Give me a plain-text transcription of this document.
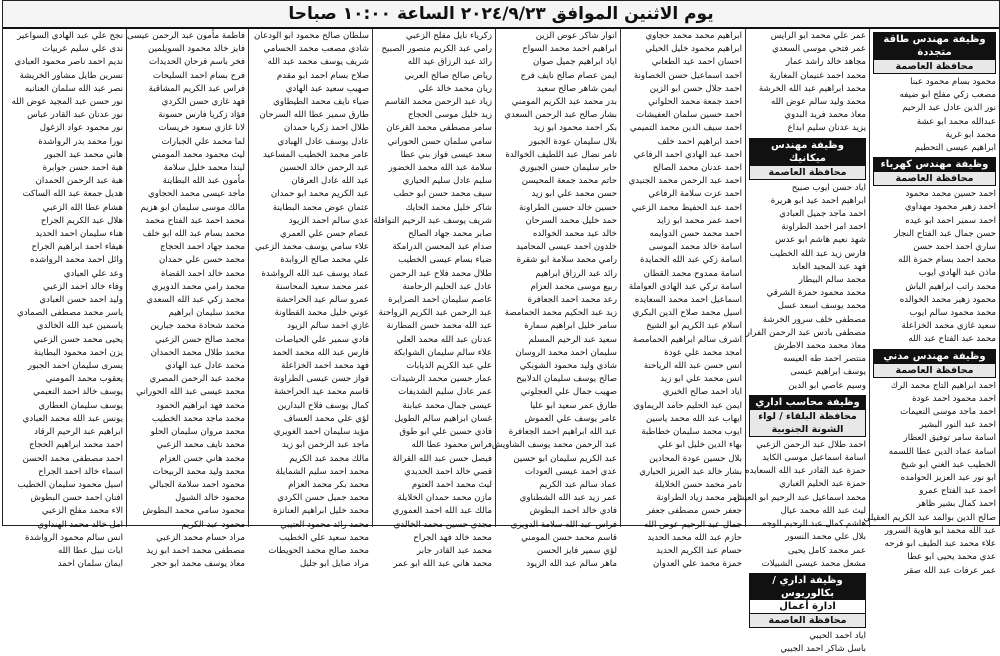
يوم الاثنين الموافق ٢٠٢٤/٩/٢٣ الساعة ١٠:٠٠ صباحا
وظيفة مهندس طاقة متجددة
محافظة العاصمة
محمود بسام محمود عبنا
مصعب زكي مفلح ابو ضيفه
نور الدين عادل عبد الرحيم
عبدالله محمد ابو عشة
محمد ابو غرية
ابراهيم عيسى التحطيم
وظيفة مهندس كهرباء
محافظة العاصمة
احمد حسين محمد محمود
احمد زهير محمود مهداوي
احمد سمير احمد ابو عيده
حسن جمال عبد الفتاح النجار
ساري احمد احمد حسن
محمد احمد بسام حمزة الله
ماذن عبد الهادي ايوب
محمد راتب ابراهيم الباش
محمود زهير محمد الخوالده
محمد محمود سالم ايوب
سعيد غازي محمد الخزاعلة
محمد عبد الفتاح عبد الله
وظيفة مهندس مدني
محافظة العاصمة
احمد ابراهيم التاج محمد الرك
احمد محمود احمد عودة
احمد ماجد موسى النعيمات
احمد عبد النور البشير
اسامة سامر توفيق العطار
اسامة عماد الدين عطا اللسمه
الخطيب عبد الغني ابو شيخ
ابو نور عبد العزيز الحوامده
احمد عبد الفتاح عمرو
احمد كمال بشير ظاهر
صالح الدين بوالمد عبد الكريم العقيلي
عبد الله محمد ابو هاوية السرور
علاء محمد عبد الطيف ابو فرحه
عدي محمد يحيى ابو عطا
عمر عرفات عبد الله صقر
عمر علي محمد ابو الرايس
عمر فتحي موسى السعدي
مجاهد خالد راشد عمار
محمد احمد غنيمان المغارية
محمد ابراهيم عبد الله الخرشة
محمد وليد سالم عوض الله
معاذ محمد فريد البدوي
يزيد عدنان سليم ابداع
وظيفة مهندس ميكانيك
محافظة العاصمة
اياد حسن ايوب صبيح
ابراهيم احمد عيد ابو هريرة
احمد ماجد جميل العبادي
احمد امر احمد الطراونة
شهد نعيم هاشم ابو عدس
فارس زيد عبد الله الخطيب
فهد عبد المجيد العابد
محمد سالم البيطار
محمد محمود حمزة الشرقي
محمد يوسف اسعد عسل
مصطفى خلف سرور الخرشة
مصطفى بادس عبد الرحمن الفرار
معاذ محمد محمد الاطرش
منتصر احمد طه العيسه
يوسف ابراهيم عيسى
وسيم عاصي ابو الدين
وظيفة محاسب اداري
محافظة البلقاء / لواء الشونة الجنوبية
احمد طلال عبد الرحمن الزعبي
اسامة اسماعيل موسى الكايد
حمزة عبد القادر عبد الله السعايده
حمزة عبد الحليم الغباري
محمد اسماعيل عبد الرحيم ابو العيش
ليث عبد الله محمد عيال
هاشم كمال عبد الرحيم الوجه
بلال علي محمد النسور
عمر محمد كامل يحيى
مشعل محمد عيسى الشبيلات
وظيفة اداري /بكالوريوس
ادارة أعمال
محافظة العاصمة
اياد احمد الحيبي
باسل شاكر احمد الجيبي
ابراهيم محمد محمد حجاوي
ابراهيم محمود خليل الحيلي
احسان احمد عيد الطعاني
احمد اسماعيل حسن الخصاونة
احمد جلال حسن ابو الزين
احمد جمعة محمد الحلواني
احمد حسين سلمان العفيشات
احمد سيف الدين محمد التميمي
احمد ابراهيم احمد خلف
احمد عبد الهادي احمد الرفاعي
احمد عدنان محمد الصالح
احمد عبد الرحمن محمد الجنيدي
احمد عزت سلامة الرفاعي
احمد عبد الحفيظ محمد الزعبي
احمد عمر محمد ابو زايد
احمد محمد حسن الدوايمه
اسامة خالد محمد الموسى
اسامة زكي عبد الله الحمايدة
اسامة ممدوح محمد القطان
اسامة تركي عبد الهادي العواملة
اسماعيل احمد محمد السعايده
اسيل محمد صلاح الدين البكري
اسلام عبد الكريم ابو الشيخ
اشرف سالم ابراهيم الحمامصة
امجد محمد علي عودة
انس حسن عبد الله الرياحنة
انس محمد علي ابو زيد
اياد احمد صالح الخيري
ايمن عبد الحليم حامد الريماوي
ايهاب عبد الله محمد ياسين
ايوب محمد سليمان خطاطبة
بهاء الدين خليل ابو علي
بلال حسين عودة المحادين
بشار خالد عبد العزيز الحياري
تامر محمد حسن الخلايلة
ثامر محمد زياد الطراونة
جعفر حسن مصطفى جعفر
جمال عبد الرحيم عوض الله
حازم عبد الله محمد الحديد
حسام عبد الكريم الحديد
حمزة محمد علي العدوان
انوار شاكر عوض الزين
ابراهيم احمد محمد السواح
اياد ابراهيم جميل صوان
ايمن عصام صالح نايف فرج
ايمن شاهر صالح سعيد
بدر محمد عبد الكريم المومني
بشار صالح عبد الرحمن السعدي
بكر احمد محمود ابو زيد
بلال سليمان عودة الجبور
تامر نضال عبد اللطيف الخوالدة
حابر سليمان حسن الجبوري
حاتم محمد جمعة المحيسن
حسن محمد علي ابو زيد
حسين خالد حسين الطراونة
حمد خليل محمد السرحان
خالد عيد محمد الخوالده
خلدون احمد عيسى المحاميد
رامي محمد سلامة ابو شقرة
رائد عبد الرزاق ابراهيم
ربيع موسى محمد العزام
رعد محمد احمد الجعافرة
زيد عبد الحكيم محمد الحمامصة
سامر خليل ابراهيم سمارة
سعيد عبد الرحيم المسلم
سليمان احمد محمد الروسان
شادي وليد محمود الشوبكي
صالح يوسف سليمان الدلابيح
صهيب جمال علي العجلوني
طارق عمر سعيد ابو عليا
عامر يوسف علي العموش
عبد الله ابراهيم احمد الجعافرة
عبد الرحمن محمد يوسف الشاويش
عبد الكريم سليمان ابو حسين
عدي احمد عيسى العودات
عماد سالم عبد الكريم
عمر زيد عبد الله الشطناوي
فادي خالد احمد البطوش
فراس عبد الله سلامة الدويري
قاسم محمد حسن المومني
لؤي سمير فايز الحسن
ماهر سالم عبد الله الزيود
زكرياء نايل مفلح الزعبي
رامي عبد الكريم منصور الصبيح
رائد عبد الرزاق عيد الله
رياض صالح صالح العربي
ريان محمد خالد علي
زياد عبد الرحمن محمد القاسم
زيد خليل موسى الحجاج
سامر مصطفى محمد القرعان
سامي سلمان حسن الحوراني
سعد عيسى فواز بني عطا
سلامة عبد الله محمد الخضور
سليم عادل سليم الحياري
سيف محمد حسن ابو حطب
شاكر خليل محمد الحايك
شريف يوسف عبد الرحيم النوافلة
صابر محمد جهاد الصالح
صدام عبد المحسن الدرامكة
ضياء بسام عيسى الخطيب
طلال محمد فلاح عبد الرحمن
عادل عبد الحليم الرحامنة
عاصم سليمان احمد الصرايرة
عبد الرحمن عبد الكريم الرواحنة
عبد الله محمد حسن المطارنة
عدنان عبد الله محمد العلي
علاء سالم سليمان الشوابكة
علي عبد الكريم الذيابات
عمار حسين محمد الرشيدات
عمر عادل سليم الشديفات
عيسى جمال محمد عبابنة
غسان ابراهيم سالم الطويل
فادي حسين علي ابو طوق
فراس محمود عطا الله
فيصل حسن عبد الله القرالة
قصي خالد احمد الحديدي
ليث محمد احمد العتوم
مازن محمد حمدان الخلايلة
مالك عبد الله احمد العموري
مجدي حسين محمد الخالدي
محمد خالد فهد الجراح
محمد عبد القادر جابر
محمد هاني عبد الله ابو عمر
سلطان صالح محمود ابو الودعان
شادي مصعب محمد الحسامي
شريف يوسف محمد عبد الله
صلاح بسام احمد ابو مقدم
صهيب سعيد عبد الهادي
ضياء نايف محمد الطيطاوي
طارق سمير عطا الله السرحان
طلال احمد زكريا حمدان
عادل يوسف عادل الهبادي
عامر محمد الخطيب المساعيد
عبد الرحمن خالد الحسين
عبد الله عادل العرقان
عبد الكريم محمد ابو حمدان
عثمان عوض محمد البطاينة
عدي سالم احمد الزيود
عصام حسن علي العمري
علاء سامي يوسف محمد الزعبي
علي محمد صالح الروابدة
عماد يوسف عبد الله الرواشدة
عمر محمد سعيد المحاسنة
عمرو سالم عيد الحراحشة
عوني خليل محمد القطاونة
غازي احمد سالم الزيود
فادي سمير علي الحياصات
فارس عبد الله محمد الحمد
فهد محمد احمد الخزاعلة
فواز حسن عيسى الطراونة
قاسم محمد عيد الحراحشة
كمال يوسف فلاح البدارين
لؤي علي محمد العساف
مؤيد سليمان احمد الغويري
ماجد عبد الرحمن ابو زيد
مالك محمد عبد الكريم
محمد احمد سليم الشمايلة
محمد بكر محمد العزام
محمد جميل حسن الكردي
محمد خليل ابراهيم العنانزة
محمد رائد محمود العتيبي
محمد سعيد علي الخطيب
محمد صالح محمد الحويطات
مراد صايل ابو جليل
فاطمة مأمون عبد الرحمن عيسى
فايز خالد محمود السويلمين
فخر باسم فرحان الحديدات
فرح بسام احمد السليحات
فراس عبد الكريم المشاقبة
فهد غازي حسن الكردي
فؤاد زكريا فارس حسونة
لانا غازي سعود خريسات
لما محمد علي الجبارات
ليث محمود محمد المومني
ليندا محمد خليل سلامة
مأمون عبد الله البطاينة
ماجد عيسى محمد الحجاوي
مالك موسى سليمان ابو هزيم
محمد احمد عبد الفتاح محمد
محمد بسام عبد الله ابو خلف
محمد جهاد احمد الحجاج
محمد حسن علي حمدان
محمد خالد احمد القضاة
محمد رامي محمد الدويري
محمد زكي عبد الله السعدي
محمد سليمان ابراهيم
محمد شحادة محمد جبارين
محمد صالح حسن الزعبي
محمد طلال محمد الحمدان
محمد عادل عبد الهادي
محمد عبد الرحمن المصري
محمد عيسى عبد الله الحوراني
محمد فهد ابراهيم الحمود
محمد ماجد محمد الخطيب
محمد مروان سليمان الحلو
محمد نايف محمد الزعبي
محمد هاني حسن العزام
محمد وليد محمد الربيحات
محمود احمد سلامة الجبالي
محمود خالد الشبول
محمود سامي محمد البطوش
محمود عبد الكريم
مراد حسام محمد الزعبي
مصطفى محمد احمد ابو زيد
معاذ يوسف محمد ابو حجر
نجح علي عبد الهادي السواعير
ندى علي سليم عربيات
نديم احمد ناصر محمود العبادي
نسرين طايل مشاور الخريشة
نصر عبد الله سلمان العنانبه
نور حسن عبد المجيد عوض الله
نور عدنان عبد القادر عباس
نور محمود عواد الزغول
نورا محمد بدر الرواشدة
هاني محمد عيد الجبور
هبة احمد حسن جوابرة
هبة عبد الرحمن الحمدان
هديل جمعة عبد الله الساكت
هشام عطا الله الزعبي
هلال عبد الكريم الجراح
هناء سليمان احمد الحديد
هيفاء احمد ابراهيم الجراح
وائل احمد محمد الرواشده
وعد علي العيادي
وفاء خالد احمد الزعبي
وليد احمد حسن العبادي
ياسر محمد مصطفى الصمادي
ياسمين عبد الله الخالدي
يحيى محمد حسن الزعبي
يزن احمد محمود البطاينة
يسرى سليمان احمد الجبور
يعقوب محمد المومني
يوسف خالد احمد النعيمي
يوسف سليمان العطاري
يونس عبد الله محمد العبادي
ابراهيم عبد الرحيم الرقاد
احمد محمد ابراهيم الحجاج
احمد مصطفى محمد الحسن
اسماء خالد احمد الجراح
اسيل محمود سليمان الخطيب
افنان احمد حسن البطوش
الاء محمد مفلح الزعبي
امل خالد محمد الهنداوي
انس سالم محمود الرواشدة
ايات نبيل عطا الله
ايمان سلمان احمد
